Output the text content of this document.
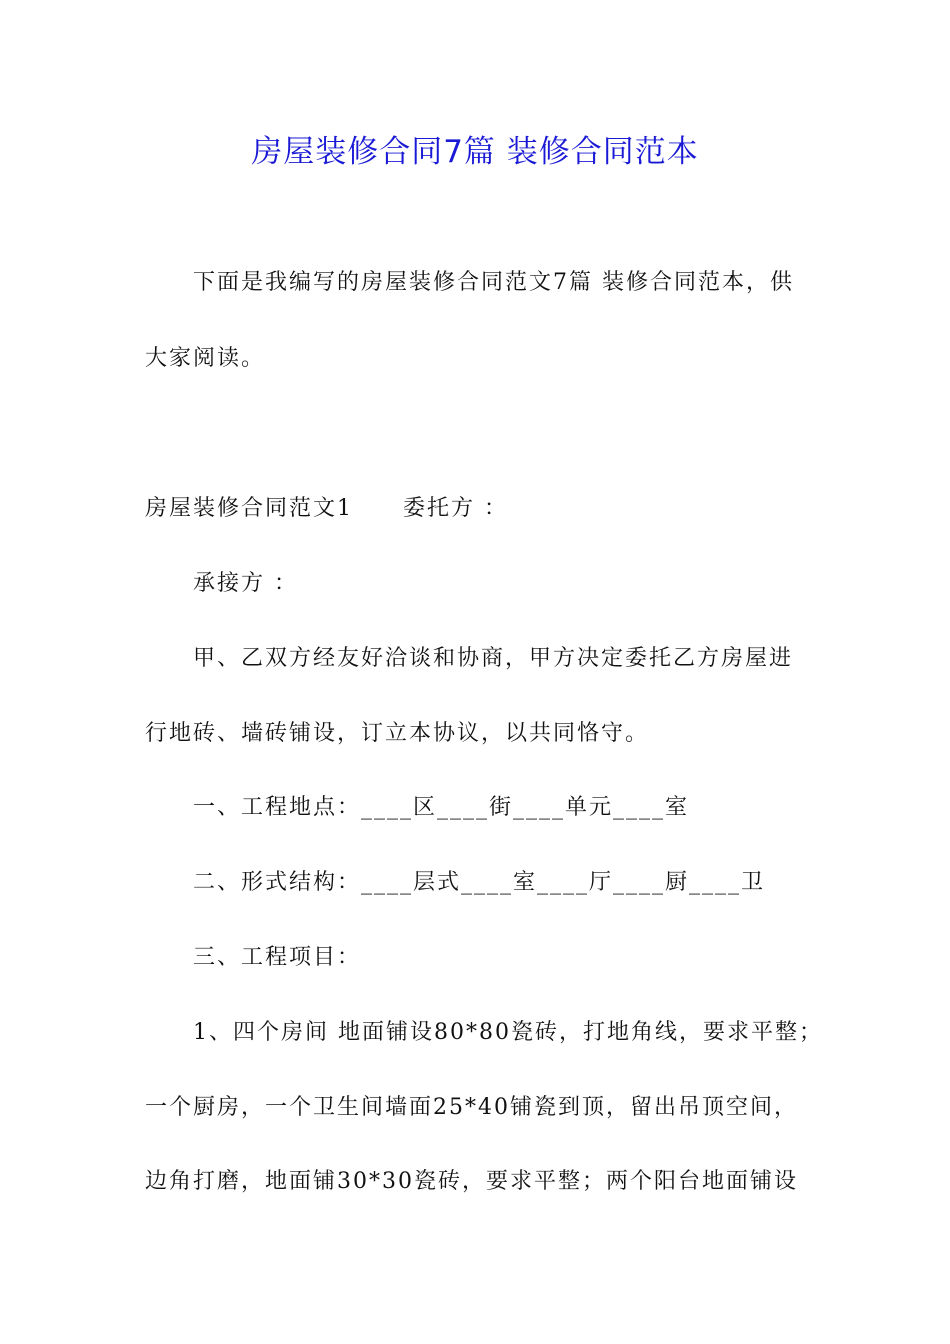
房屋装修合同7篇 装修合同范本
下面是我编写的房屋装修合同范文7篇 装修合同范本，供
大家阅读。
房屋装修合同范文1 委托方 ：
承接方 ：
甲、乙双方经友好洽谈和协商，甲方决定委托乙方房屋进
行地砖、墙砖铺设，订立本协议，以共同恪守。
一、工程地点：____区____街____单元____室
二、形式结构：____层式____室____厅____厨____卫
三、工程项目：
1、四个房间 地面铺设80*80瓷砖，打地角线，要求平整；
一个厨房，一个卫生间墙面25*40铺瓷到顶，留出吊顶空间，
边角打磨，地面铺30*30瓷砖，要求平整；两个阳台地面铺设
